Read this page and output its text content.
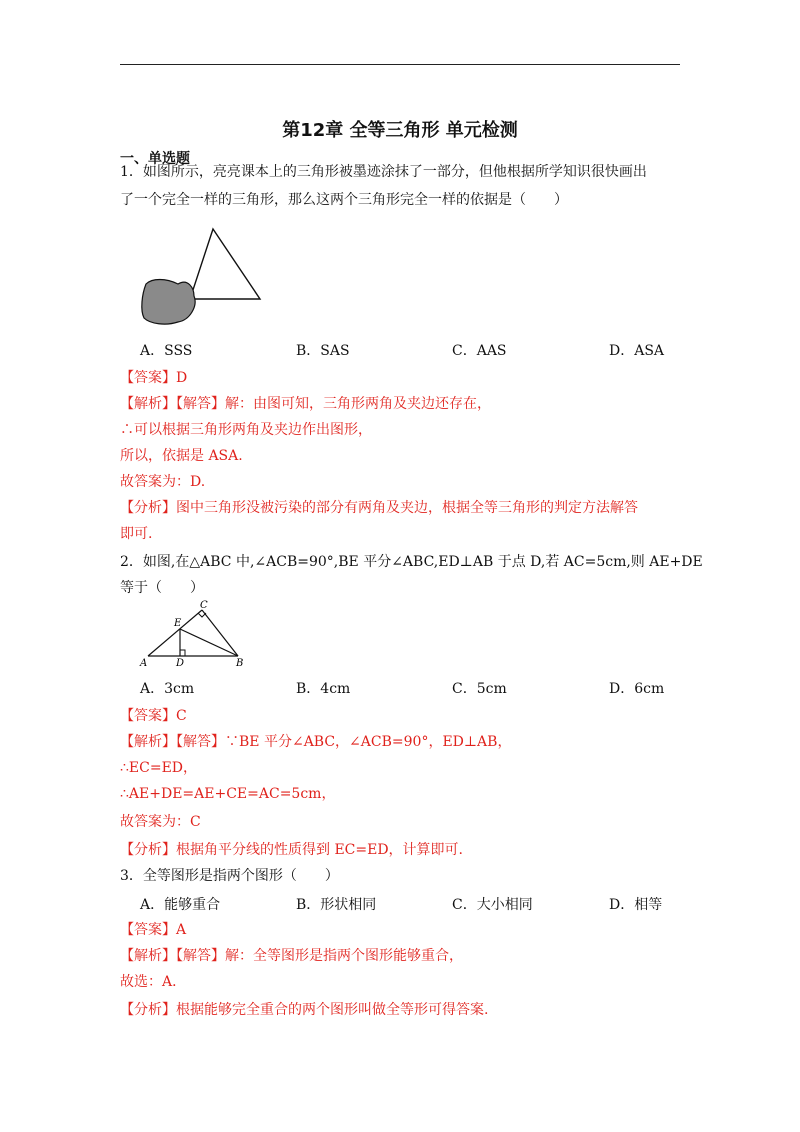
第12章 全等三角形 单元检测
一、单选题
1．如图所示，亮亮课本上的三角形被墨迹涂抹了一部分，但他根据所学知识很快画出
了一个完全一样的三角形，那么这两个三角形完全一样的依据是（　　）
A．SSS	B．SAS	C．AAS	D．ASA
【答案】D
【解析】【解答】解：由图可知，三角形两角及夹边还存在，
∴可以根据三角形两角及夹边作出图形，
所以，依据是 ASA.
故答案为：D.
【分析】图中三角形没被污染的部分有两角及夹边，根据全等三角形的判定方法解答
即可.
2．如图,在△ABC 中,∠ACB=90°,BE 平分∠ABC,ED⊥AB 于点 D,若 AC=5cm,则 AE+DE
等于（　　）
C
E
A	D	B
A．3cm	B．4cm	C．5cm	D．6cm
【答案】C
【解析】【解答】∵BE 平分∠ABC，∠ACB=90°，ED⊥AB，
∴EC=ED，
∴AE+DE=AE+CE=AC=5cm，
故答案为：C
【分析】根据角平分线的性质得到 EC=ED，计算即可.
3．全等图形是指两个图形（　　）
A．能够重合	B．形状相同	C．大小相同	D．相等
【答案】A
【解析】【解答】解：全等图形是指两个图形能够重合，
故选：A．
【分析】根据能够完全重合的两个图形叫做全等形可得答案.
